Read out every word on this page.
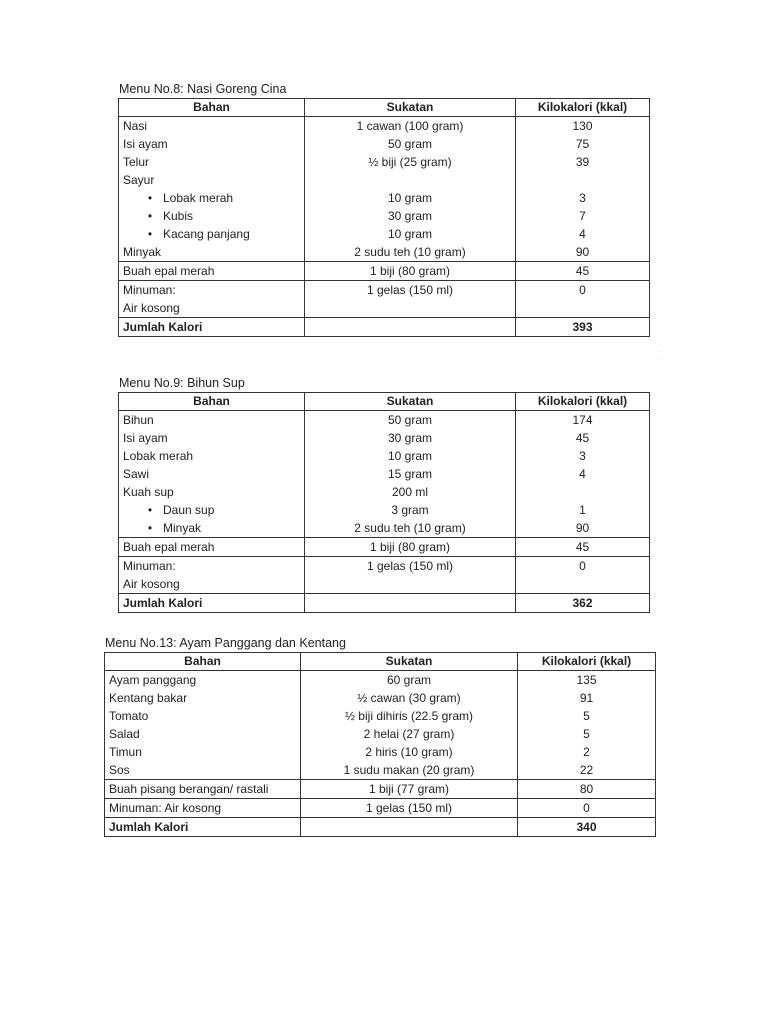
Menu No.8: Nasi Goreng Cina
Bahan	Sukatan	Kilokalori (kkal)
Nasi	1 cawan (100 gram)	130
Isi ayam	50 gram	75
Telur	½ biji (25 gram)	39
Sayur		
• Lobak merah	10 gram	3
• Kubis	30 gram	7
• Kacang panjang	10 gram	4
Minyak	2 sudu teh (10 gram)	90
Buah epal merah	1 biji (80 gram)	45
Minuman:	1 gelas (150 ml)	0
Air kosong		
Jumlah Kalori		393
Menu No.9: Bihun Sup
Bahan	Sukatan	Kilokalori (kkal)
Bihun	50 gram	174
Isi ayam	30 gram	45
Lobak merah	10 gram	3
Sawi	15 gram	4
Kuah sup	200 ml	
• Daun sup	3 gram	1
• Minyak	2 sudu teh (10 gram)	90
Buah epal merah	1 biji (80 gram)	45
Minuman:	1 gelas (150 ml)	0
Air kosong		
Jumlah Kalori		362
Menu No.13: Ayam Panggang dan Kentang
Bahan	Sukatan	Kilokalori (kkal)
Ayam panggang	60 gram	135
Kentang bakar	½ cawan (30 gram)	91
Tomato	½ biji dihiris (22.5 gram)	5
Salad	2 helai (27 gram)	5
Timun	2 hiris (10 gram)	2
Sos	1 sudu makan (20 gram)	22
Buah pisang berangan/ rastali	1 biji (77 gram)	80
Minuman: Air kosong	1 gelas (150 ml)	0
Jumlah Kalori		340
·
·
